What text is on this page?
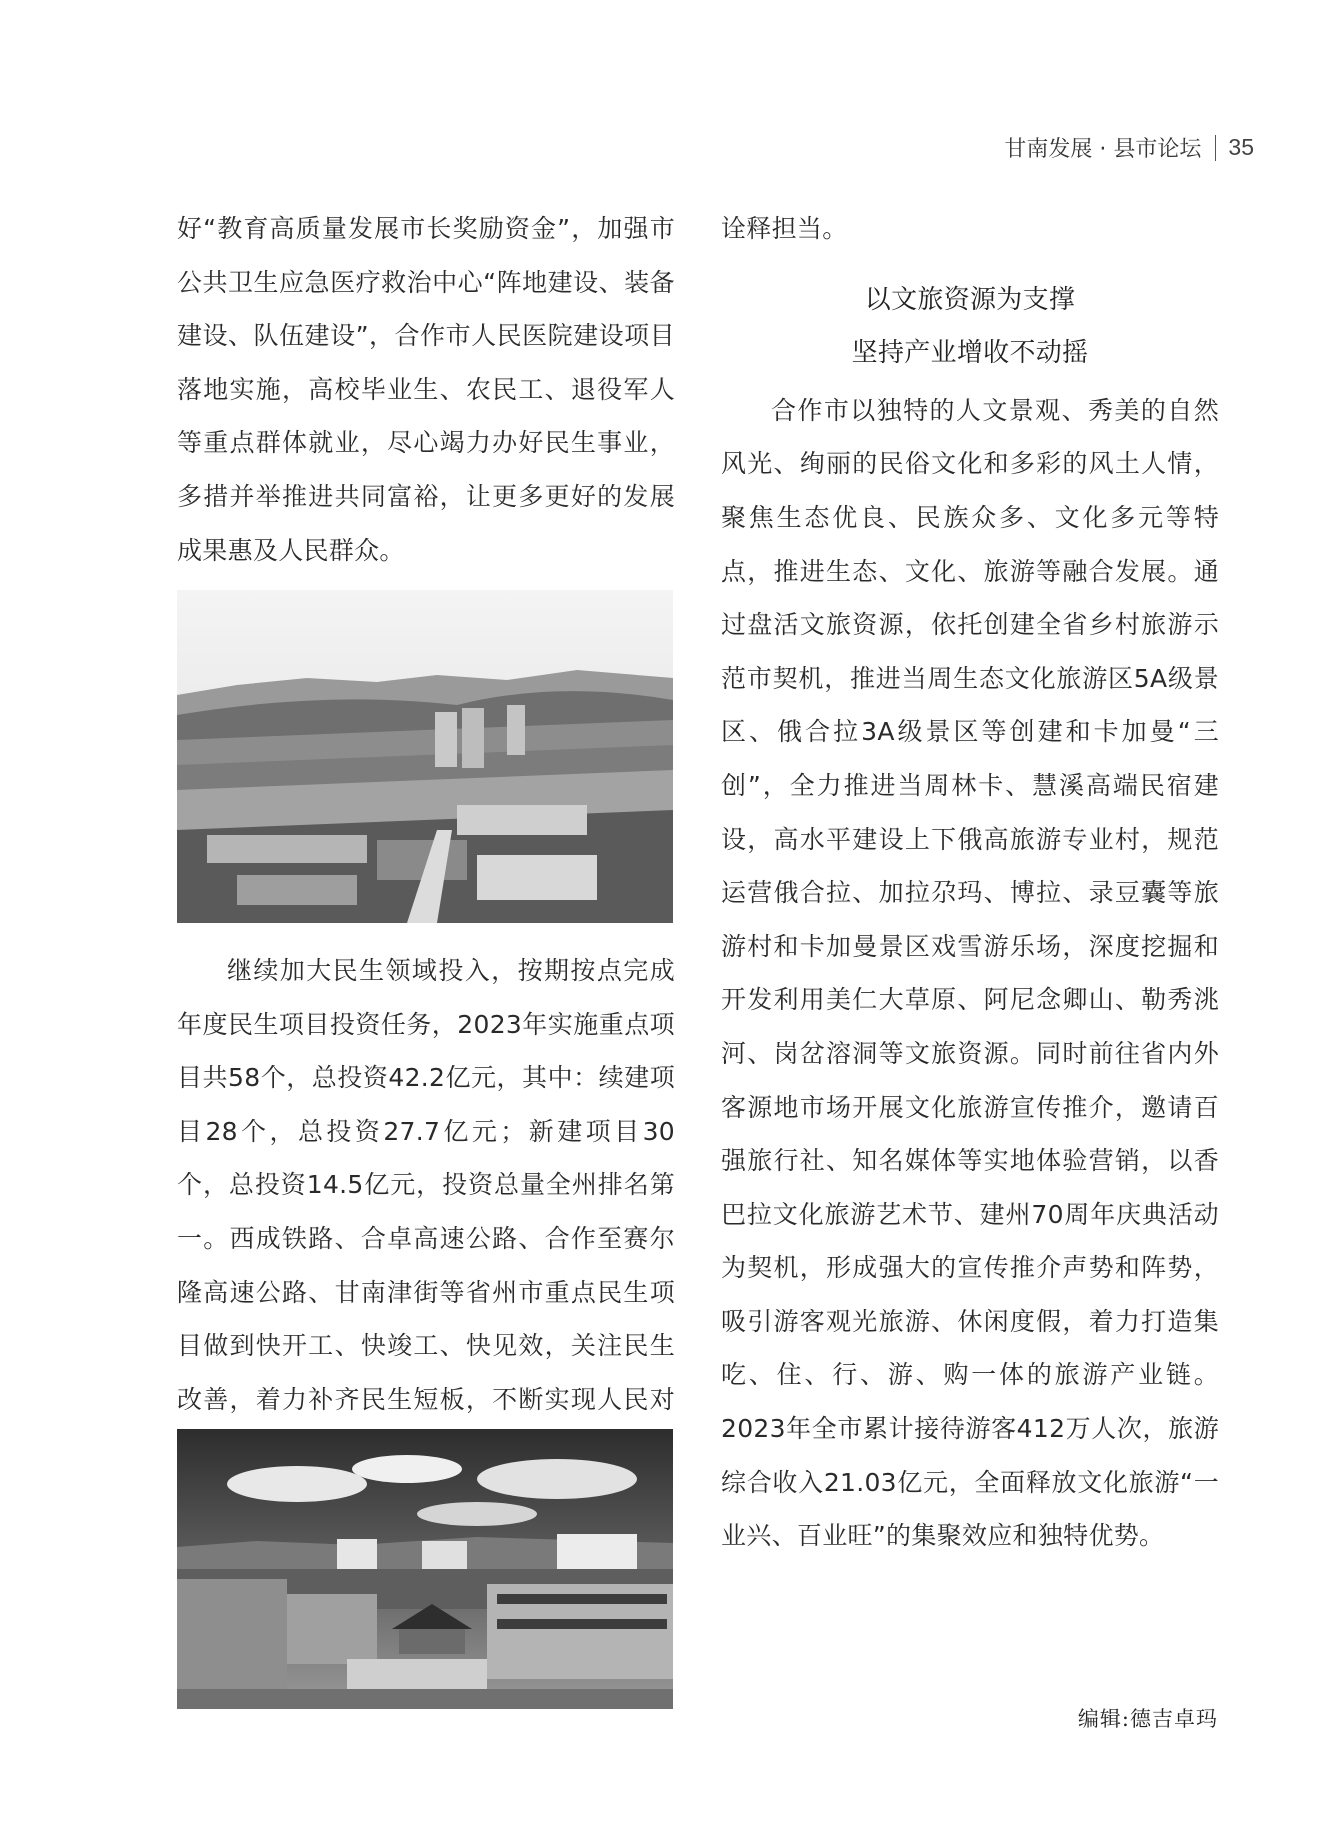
甘南发展 · 县市论坛 35

好“教育高质量发展市长奖励资金”，加强市公共卫生应急医疗救治中心“阵地建设、装备建设、队伍建设”，合作市人民医院建设项目落地实施，高校毕业生、农民工、退役军人等重点群体就业，尽心竭力办好民生事业，多措并举推进共同富裕，让更多更好的发展成果惠及人民群众。

继续加大民生领域投入，按期按点完成年度民生项目投资任务，2023年实施重点项目共58个，总投资42.2亿元，其中：续建项目28个，总投资27.7亿元；新建项目30个，总投资14.5亿元，投资总量全州排名第一。西成铁路、合卓高速公路、合作至赛尔隆高速公路、甘南津街等省州市重点民生项目做到快开工、快竣工、快见效，关注民生改善，着力补齐民生短板，不断实现人民对

诠释担当。

以文旅资源为支撑

坚持产业增收不动摇

合作市以独特的人文景观、秀美的自然风光、绚丽的民俗文化和多彩的风土人情，聚焦生态优良、民族众多、文化多元等特点，推进生态、文化、旅游等融合发展。通过盘活文旅资源，依托创建全省乡村旅游示范市契机，推进当周生态文化旅游区5A级景区、俄合拉3A级景区等创建和卡加曼“三创”，全力推进当周林卡、慧溪高端民宿建设，高水平建设上下俄高旅游专业村，规范运营俄合拉、加拉尕玛、博拉、录豆囊等旅游村和卡加曼景区戏雪游乐场，深度挖掘和开发利用美仁大草原、阿尼念卿山、勒秀洮河、岗岔溶洞等文旅资源。同时前往省内外客源地市场开展文化旅游宣传推介，邀请百强旅行社、知名媒体等实地体验营销，以香巴拉文化旅游艺术节、建州70周年庆典活动为契机，形成强大的宣传推介声势和阵势，吸引游客观光旅游、休闲度假，着力打造集吃、住、行、游、购一体的旅游产业链。2023年全市累计接待游客412万人次，旅游综合收入21.03亿元，全面释放文化旅游“一业兴、百业旺”的集聚效应和独特优势。

编辑:德吉卓玛
